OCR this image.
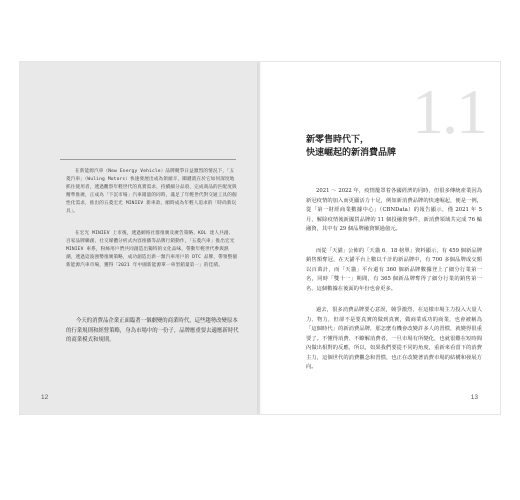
在新能源汽車（New Energy Vehicle）品牌競爭日益激烈的情況下，「五菱汽車」（Wuling Motors）快速發展出成為領頭羊，關鍵就在於它如何深度地抓住使用者，透過觀察年輕世代的真實需求，持續細分品項，完成商品的匹配度與精準推廣，正成為「下沉市場」汽車銷量的同時，滿足了年輕世代對交通工具的個性化需求，推出的五菱宏光 MINIEV 新車款，順時成為年輕人追求的「時尚新玩具」。

在宏光 MINIEV 上市後，透過網絡社群推廣及廣告策略、KOL 達人共創、百家品牌聯創、社交媒體分析式內容推播等品牌行銷動作，「五菱汽車」推出宏光 MINIEV 車系，粉絲用戶們共同創造出獨特的文化品味，帶動年輕世代參與熱潮，透過這波強勢推廣策略，成功創造出新一類汽車用戶的 DTC 品牌，帶領整個新能源汽車市場，獲得「2021 年中國新能源單一車型銷量第一」的佳績。

今天的消費品企業正面臨著一個劇變的商業時代，這些趨勢改變原本的行業規則和經營策略，身為市場中的一份子，品牌應重要去適應新時代的商業模式和規則。

12
1.1
新零售時代下，
快速崛起的新消費品牌

2021 ～ 2022 年，疫情籠罩着各國經濟的同時，但很多傳統產業因為新冠疫情的加入而更顯活力十足，例如新消費品牌的快速崛起，便是一例，從「第一財經商業數據中心」（CBNData）的報告顯示，僅 2021 年 5 月，解除疫情後新國貨品牌的 11 個投融資事件，新消費領域共完成 76 輪融資，其中有 29 個品牌融資額過億元。

而從「天貓」公佈的「天貓 6．18 榜單」資料顯示，有 459 個新品牌銷售額奪冠，在天貓平台上數以千計的新品牌中，有 700 多個品牌成交額以百萬計，而「天貓」平台還有 360 個新品牌數據登上了細分行業第一名，同時「雙十一」期間，有 365 個新品牌奪得了細分行業的銷售第一名，這個數據在後面的年份也會更多。

過去，很多消費品牌要心意誤，競爭激烈，在這樣市場主力投入大量人力、物力，但卻不是要真實的做到真實，做商業成功的商業，也會被稱為「這個時代」的新消費品牌，那怎麼有機會改變許多人的習慣，就變得很重要了。不懂得消費、不瞭解消費者，一旦市場有所變化，也就很難在短時間內做出相對的反應，所以，如果我們要從不同的角度，重新來看當下的消費主力，這個世代的消費觀念和習慣，也正在改變著消費市場的結構和發展方向。

13
